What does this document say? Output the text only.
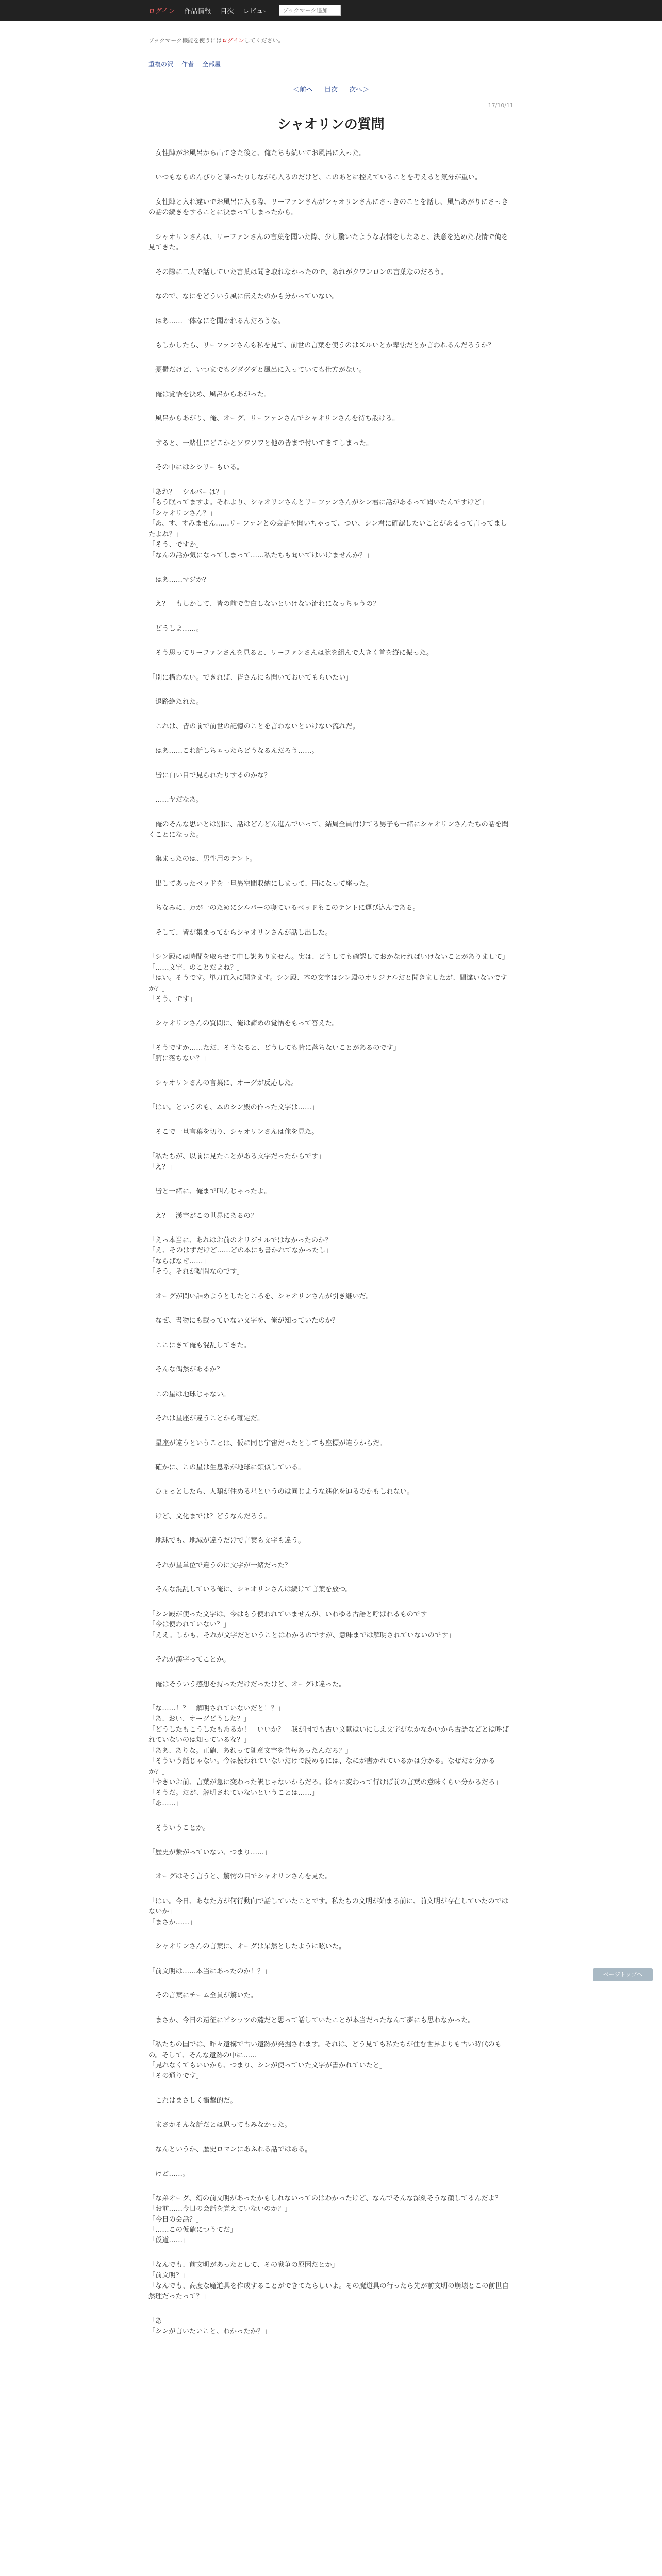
ログイン 作品情報 目次 レビュー
ブックマーク追加
ブックマーク機能を使うにはログインしてください。
重複の沢 作者 全部屋
＜前へ 目次 次へ＞
17/10/11
シャオリンの質問

　女性陣がお風呂から出てきた後と、俺たちも続いてお風呂に入った。

　いつもならのんびりと喋ったりしながら入るのだけど、このあとに控えていることを考えると気分が重い。

　女性陣と入れ違いでお風呂に入る際、リーファンさんがシャオリンさんにさっきのことを話し、風呂あがりにさっきの話の続きをすることに決まってしまったから。

　シャオリンさんは、リーファンさんの言葉を聞いた際、少し驚いたような表情をしたあと、決意を込めた表情で俺を見てきた。

　その際に二人で話していた言葉は聞き取れなかったので、あれがクワンロンの言葉なのだろう。

　なので、なにをどういう風に伝えたのかも分かっていない。

　はあ……一体なにを聞かれるんだろうな。

　もしかしたら、リーファンさんも私を見て、前世の言葉を使うのはズルいとか卑怯だとか言われるんだろうか？

　憂鬱だけど、いつまでもグダグダと風呂に入っていても仕方がない。

　俺は覚悟を決め、風呂からあがった。

　風呂からあがり、俺、オーグ、リーファンさんでシャオリンさんを待ち設ける。

　すると、一緒仕にどこかとソワソワと他の皆まで付いてきてしまった。

　その中にはシシリーもいる。

「あれ？　シルバーは？」
「もう眠ってますよ。それより、シャオリンさんとリーファンさんがシン君に話があるって聞いたんですけど」
「シャオリンさん？」
「あ、す、すみません……リーファンとの会話を聞いちゃって、つい、シン君に確認したいことがあるって言ってましたよね？」
「そう、ですか」
「なんの話か気になってしまって……私たちも聞いてはいけませんか？」

　はあ……マジか？

　え？　もしかして、皆の前で告白しないといけない流れになっちゃうの？

　どうしよ……。

　そう思ってリーファンさんを見ると、リーファンさんは腕を組んで大きく首を縦に振った。

「別に構わない。できれば、皆さんにも聞いておいてもらいたい」

　退路絶たれた。

　これは、皆の前で前世の記憶のことを言わないといけない流れだ。

　はあ……これ話しちゃったらどうなるんだろう……。

　皆に白い目で見られたりするのかな？

　……ヤだなあ。

　俺のそんな思いとは別に、話はどんどん進んでいって、結局全員付けてる男子も一緒にシャオリンさんたちの話を聞くことになった。

　集まったのは、男性用のテント。

　出してあったベッドを一旦異空間収納にしまって、円になって座った。

　ちなみに、万が一のためにシルバーの寝ているベッドもこのテントに運び込んである。

　そして、皆が集まってからシャオリンさんが話し出した。

「シン殿には時間を取らせて申し訳ありません。実は、どうしても確認しておかなければいけないことがありまして」
「……文字、のことだよね？」
「はい。そうです。単刀直入に聞きます。シン殿、本の文字はシン殿のオリジナルだと聞きましたが、間違いないですか？」
「そう、です」

　シャオリンさんの質問に、俺は諦めの覚悟をもって答えた。

「そうですか……ただ、そうなると、どうしても腑に落ちないことがあるのです」
「腑に落ちない？」

　シャオリンさんの言葉に、オーグが反応した。

「はい。というのも、本のシン殿の作った文字は……」

　そこで一旦言葉を切り、シャオリンさんは俺を見た。

「私たちが、以前に見たことがある文字だったからです」
「え？」

　皆と一緒に、俺まで叫んじゃったよ。

　え？　漢字がこの世界にあるの？

「えっ本当に、あれはお前のオリジナルではなかったのか？」
「え、そのはずだけど……どの本にも書かれてなかったし」
「ならばなぜ……」
「そう。それが疑問なのです」

　オーグが問い詰めようとしたところを、シャオリンさんが引き継いだ。

　なぜ、書物にも載っていない文字を、俺が知っていたのか？

　ここにきて俺も混乱してきた。

　そんな偶然があるか？

　この星は地球じゃない。

　それは星座が違うことから確定だ。

　星座が違うということは、仮に同じ宇宙だったとしても座標が違うからだ。

　確かに、この星は生息系が地球に類似している。

　ひょっとしたら、人類が住める星というのは同じような進化を辿るのかもしれない。

　けど、文化までは？どうなんだろう。

　地球でも、地域が違うだけで言葉も文字も違う。

　それが星単位で違うのに文字が一緒だった？

　そんな混乱している俺に、シャオリンさんは続けて言葉を放つ。

「シン殿が使った文字は、今はもう使われていませんが、いわゆる古語と呼ばれるものです」
「今は使われていない？」
「ええ。しかも、それが文字だということはわかるのですが、意味までは解明されていないのです」

　それが漢字ってことか。

　俺はそういう感想を持っただけだったけど、オーグは違った。

「な……！？　解明されていないだと！？」
「あ、おい、オーグどうした？」
「どうしたもこうしたもあるか！　いいか？　我が国でも古い文献はいにしえ文字がなかなかいから古語などとは呼ばれていないのは知っているな？」
「ああ、ありな。正確、あれって随意文字を普毎あったんだろ？」
「そういう話じゃない。今は使われていないだけで読めるには、なにが書かれているかは分かる。なぜだか分かるか？」
「やきいお前、言葉が急に変わった訳じゃないからだろ。徐々に変わって行けば前の言葉の意味くらい分かるだろ」
「そうだ。だが、解明されていないということは……」
「あ……」

　そういうことか。

「歴史が繋がっていない、つまり……」

　オーグはそう言うと、驚愕の目でシャオリンさんを見た。

「はい。今日、あなた方が何行動向で話していたことです。私たちの文明が始まる前に、前文明が存在していたのではないか」
「まさか……」

　シャオリンさんの言葉に、オーグは呆然としたように呟いた。

「前文明は……本当にあったのか！？」

　その言葉にチーム全員が驚いた。

　まさか、今日の遠征にピシッツの麓だと思って話していたことが本当だったなんて夢にも思わなかった。

「私たちの国では、昨々遺構で古い遺跡が発掘されます。それは、どう見ても私たちが住む世界よりも古い時代のもの。そして、そんな遺跡の中に……」
「見れなくてもいいから、つまり、シンが使っていた文字が書かれていたと」
「その通りです」

　これはまさしく衝撃的だ。

　まさかそんな話だとは思ってもみなかった。

　なんというか、歴史ロマンにあふれる話ではある。

　けど……。

「な弟オーグ、幻の前文明があったかもしれないってのはわかったけど、なんでそんな深刻そうな顔してるんだよ？」
「お前……今日の会話を覚えていないのか？」
「今日の会話？」
「……この仮確につうてだ」
「仮道……」

「なんでも、前文明があったとして、その戦争の原因だとか」
「前文明？」
「なんでも、高度な魔道具を作成することができてたらしいよ。その魔道具の行ったら先が前文明の崩壊とこの前世自然理だったって？」

「あ」
「シンが言いたいこと、わかったか？」

ページトップへ
